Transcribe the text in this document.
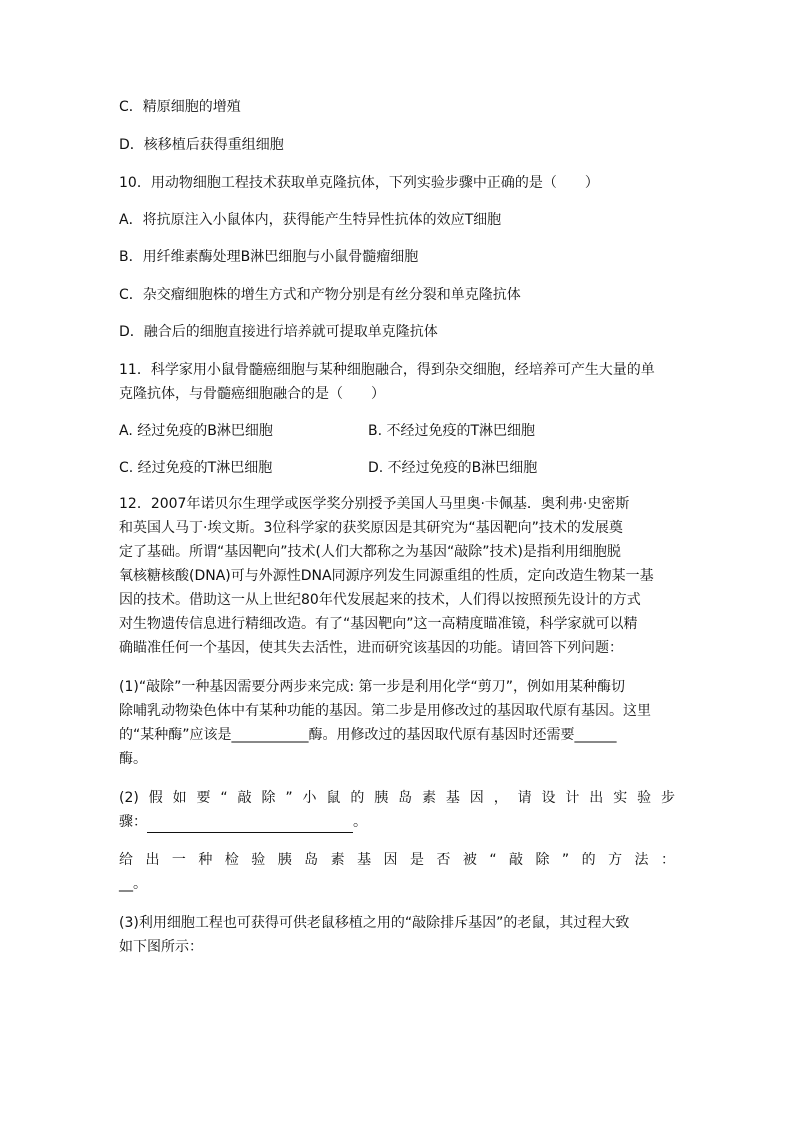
C．精原细胞的增殖
D．核移植后获得重组细胞
10．用动物细胞工程技术获取单克隆抗体，下列实验步骤中正确的是（　　）
A．将抗原注入小鼠体内，获得能产生特异性抗体的效应T细胞
B．用纤维素酶处理B淋巴细胞与小鼠骨髓瘤细胞
C．杂交瘤细胞株的增生方式和产物分别是有丝分裂和单克隆抗体
D．融合后的细胞直接进行培养就可提取单克隆抗体
11．科学家用小鼠骨髓癌细胞与某种细胞融合，得到杂交细胞，经培养可产生大量的单
克隆抗体，与骨髓癌细胞融合的是（　　）
A. 经过免疫的B淋巴细胞	B. 不经过免疫的T淋巴细胞
C. 经过免疫的T淋巴细胞	D. 不经过免疫的B淋巴细胞
12．2007年诺贝尔生理学或医学奖分别授予美国人马里奥·卡佩基．奥利弗·史密斯
和英国人马丁·埃文斯。3位科学家的获奖原因是其研究为“基因靶向”技术的发展奠
定了基础。所谓“基因靶向”技术(人们大都称之为基因“敲除”技术)是指利用细胞脱
氧核糖核酸(DNA)可与外源性DNA同源序列发生同源重组的性质，定向改造生物某一基
因的技术。借助这一从上世纪80年代发展起来的技术，人们得以按照预先设计的方式
对生物遗传信息进行精细改造。有了“基因靶向”这一高精度瞄准镜，科学家就可以精
确瞄准任何一个基因，使其失去活性，进而研究该基因的功能。请回答下列问题：
(1)“敲除”一种基因需要分两步来完成: 第一步是利用化学“剪刀”，例如用某种酶切
除哺乳动物染色体中有某种功能的基因。第二步是用修改过的基因取代原有基因。这里
的“某种酶”应该是___________酶。用修改过的基因取代原有基因时还需要______
酶。
(2)假如要“敲除”小鼠的胰岛素基因，请设计出实验步
骤：	。
给出一种检验胰岛素基因是否被“敲除”的方法：
__。
(3)利用细胞工程也可获得可供老鼠移植之用的“敲除排斥基因”的老鼠，其过程大致
如下图所示：
